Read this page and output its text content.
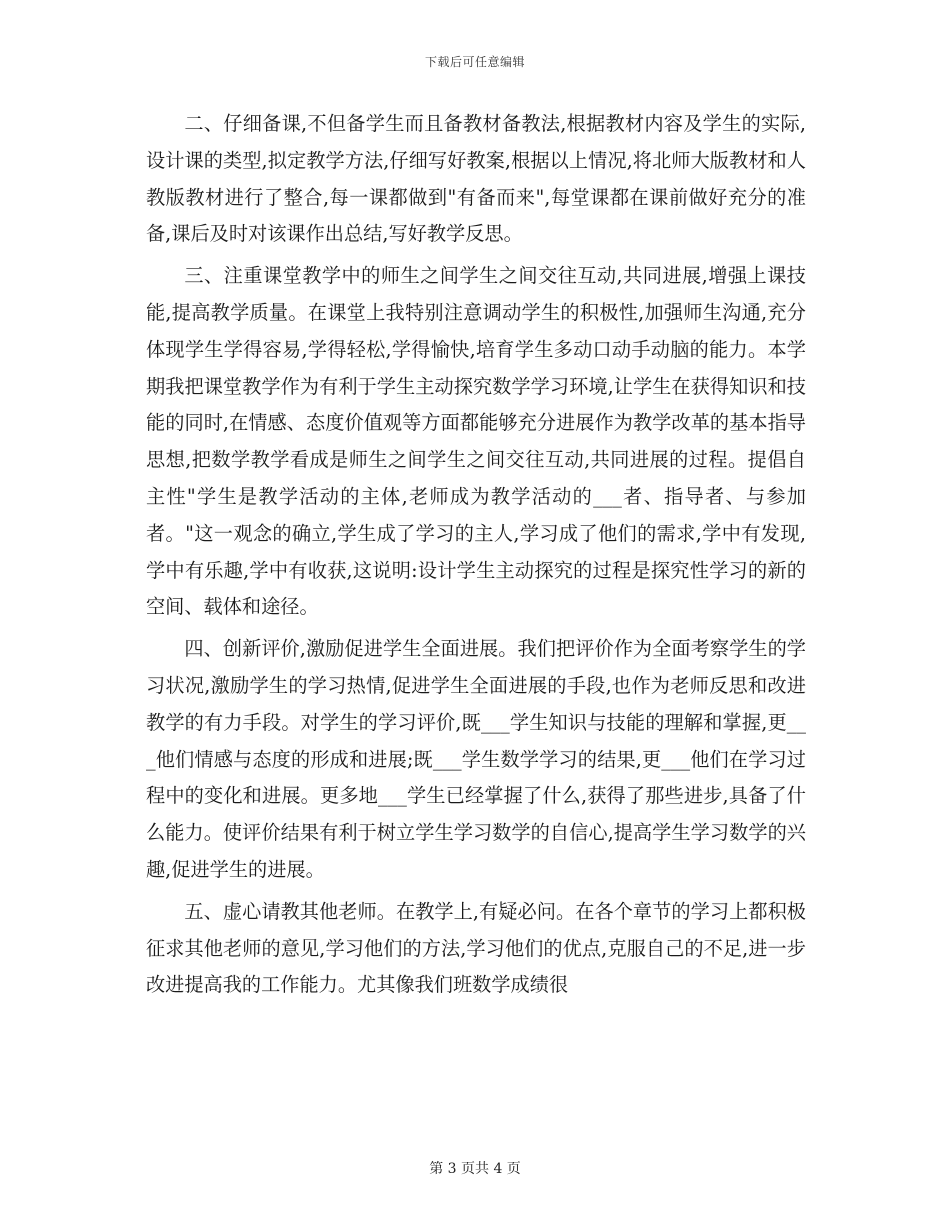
下载后可任意编辑

二、仔细备课,不但备学生而且备教材备教法,根据教材内容及学生的实际,设计课的类型,拟定教学方法,仔细写好教案,根据以上情况,将北师大版教材和人教版教材进行了整合,每一课都做到"有备而来",每堂课都在课前做好充分的准备,课后及时对该课作出总结,写好教学反思。

三、注重课堂教学中的师生之间学生之间交往互动,共同进展,增强上课技能,提高教学质量。在课堂上我特别注意调动学生的积极性,加强师生沟通,充分体现学生学得容易,学得轻松,学得愉快,培育学生多动口动手动脑的能力。本学期我把课堂教学作为有利于学生主动探究数学学习环境,让学生在获得知识和技能的同时,在情感、态度价值观等方面都能够充分进展作为教学改革的基本指导思想,把数学教学看成是师生之间学生之间交往互动,共同进展的过程。提倡自主性"学生是教学活动的主体,老师成为教学活动的___者、指导者、与参加者。"这一观念的确立,学生成了学习的主人,学习成了他们的需求,学中有发现,学中有乐趣,学中有收获,这说明:设计学生主动探究的过程是探究性学习的新的空间、载体和途径。

四、创新评价,激励促进学生全面进展。我们把评价作为全面考察学生的学习状况,激励学生的学习热情,促进学生全面进展的手段,也作为老师反思和改进教学的有力手段。对学生的学习评价,既___学生知识与技能的理解和掌握,更___他们情感与态度的形成和进展;既___学生数学学习的结果,更___他们在学习过程中的变化和进展。更多地___学生已经掌握了什么,获得了那些进步,具备了什么能力。使评价结果有利于树立学生学习数学的自信心,提高学生学习数学的兴趣,促进学生的进展。

五、虚心请教其他老师。在教学上,有疑必问。在各个章节的学习上都积极征求其他老师的意见,学习他们的方法,学习他们的优点,克服自己的不足,进一步改进提高我的工作能力。尤其像我们班数学成绩很

第 3 页共 4 页
